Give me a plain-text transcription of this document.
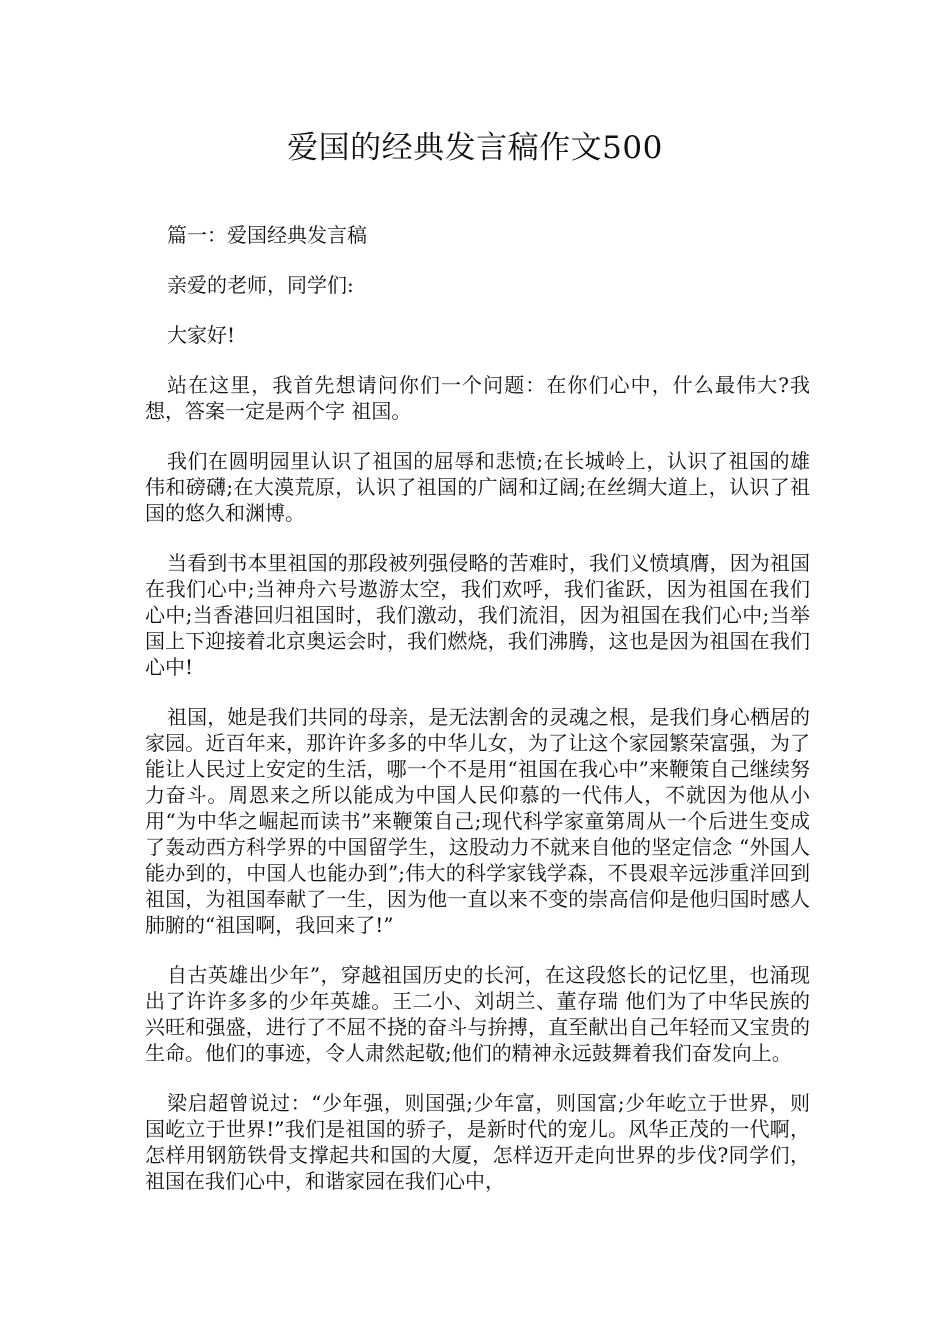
爱国的经典发言稿作文500

篇一：爱国经典发言稿

亲爱的老师，同学们:

大家好!

站在这里，我首先想请问你们一个问题：在你们心中，什么最伟大?我想，答案一定是两个字 祖国。

我们在圆明园里认识了祖国的屈辱和悲愤;在长城岭上，认识了祖国的雄伟和磅礴;在大漠荒原，认识了祖国的广阔和辽阔;在丝绸大道上，认识了祖国的悠久和渊博。

当看到书本里祖国的那段被列强侵略的苦难时，我们义愤填膺，因为祖国在我们心中;当神舟六号遨游太空，我们欢呼，我们雀跃，因为祖国在我们心中;当香港回归祖国时，我们激动，我们流泪，因为祖国在我们心中;当举国上下迎接着北京奥运会时，我们燃烧，我们沸腾，这也是因为祖国在我们心中!

祖国，她是我们共同的母亲，是无法割舍的灵魂之根，是我们身心栖居的家园。近百年来，那许许多多的中华儿女，为了让这个家园繁荣富强，为了能让人民过上安定的生活，哪一个不是用“祖国在我心中”来鞭策自己继续努力奋斗。周恩来之所以能成为中国人民仰慕的一代伟人，不就因为他从小用“为中华之崛起而读书”来鞭策自己;现代科学家童第周从一个后进生变成了轰动西方科学界的中国留学生，这股动力不就来自他的坚定信念 “外国人能办到的，中国人也能办到”;伟大的科学家钱学森，不畏艰辛远涉重洋回到祖国，为祖国奉献了一生，因为他一直以来不变的崇高信仰是他归国时感人肺腑的“祖国啊，我回来了!”

自古英雄出少年”，穿越祖国历史的长河，在这段悠长的记忆里，也涌现出了许许多多的少年英雄。王二小、刘胡兰、董存瑞 他们为了中华民族的兴旺和强盛，进行了不屈不挠的奋斗与拚搏，直至献出自己年轻而又宝贵的生命。他们的事迹，令人肃然起敬;他们的精神永远鼓舞着我们奋发向上。

梁启超曾说过：“少年强，则国强;少年富，则国富;少年屹立于世界，则国屹立于世界!”我们是祖国的骄子，是新时代的宠儿。风华正茂的一代啊，怎样用钢筋铁骨支撑起共和国的大厦，怎样迈开走向世界的步伐?同学们，祖国在我们心中，和谐家园在我们心中，
